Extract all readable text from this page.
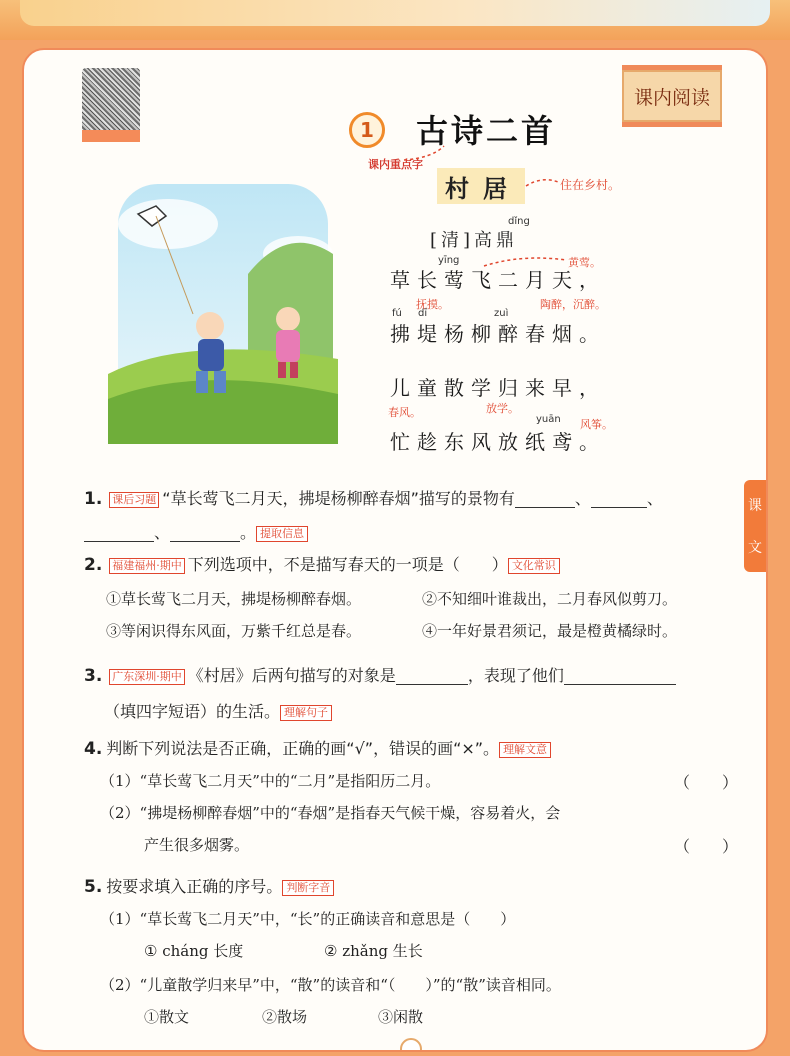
课内阅读
1	古诗二首
课内重点字
村居	住在乡村。
dǐng
[清]高鼎
yīng
草长莺飞二月天，
黄莺。
抚摸。	陶醉，沉醉。
fú dī	zuì
拂堤杨柳醉春烟。
儿童散学归来早，
春风。	放学。
yuān 风筝。
忙趁东风放纸鸢。
课
文
1. 课后习题 “草长莺飞二月天，拂堤杨柳醉春烟”描写的景物有	、	、
、	。 提取信息
2. 福建福州·期中 下列选项中，不是描写春天的一项是（　　） 文化常识
①草长莺飞二月天，拂堤杨柳醉春烟。	②不知细叶谁裁出，二月春风似剪刀。
③等闲识得东风面，万紫千红总是春。	④一年好景君须记，最是橙黄橘绿时。
3. 广东深圳·期中 《村居》后两句描写的对象是	，表现了他们
（填四字短语）的生活。 理解句子
4. 判断下列说法是否正确，正确的画“√”，错误的画“×”。 理解文意
（1）“草长莺飞二月天”中的“二月”是指阳历二月。	（　　）
（2）“拂堤杨柳醉春烟”中的“春烟”是指春天气候干燥，容易着火，会
产生很多烟雾。	（　　）
5. 按要求填入正确的序号。 判断字音
（1）“草长莺飞二月天”中，“长”的正确读音和意思是（　　）
① cháng 长度	② zhǎng 生长
（2）“儿童散学归来早”中，“散”的读音和“（　　）”的“散”读音相同。
①散文	②散场	③闲散
